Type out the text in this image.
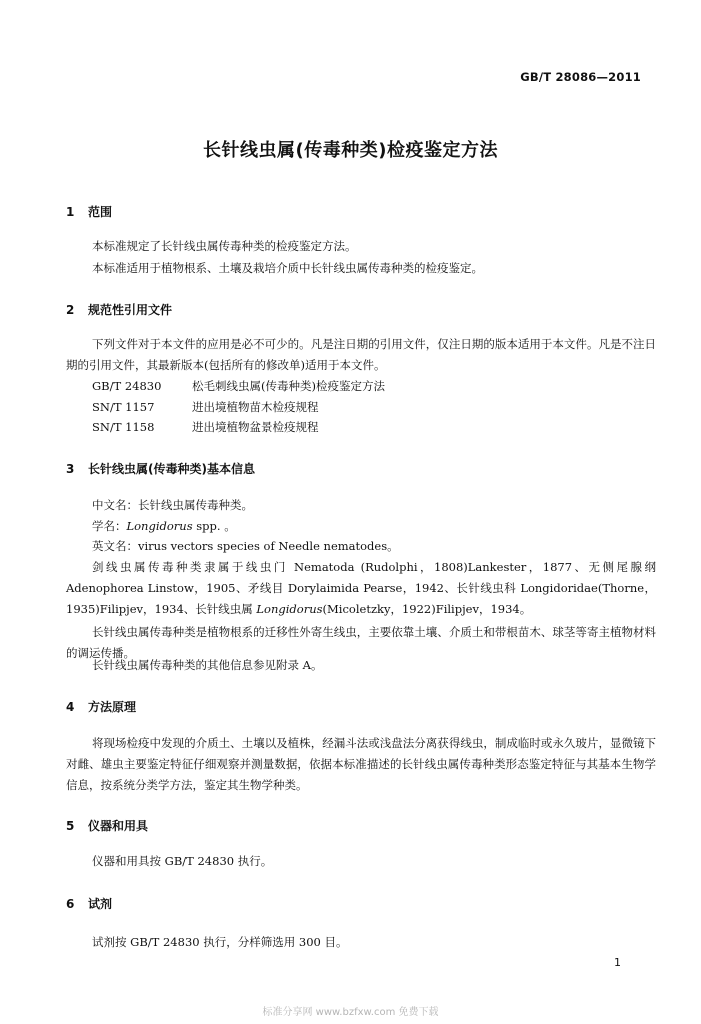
GB/T 28086—2011
长针线虫属(传毒种类)检疫鉴定方法
1 范围
本标准规定了长针线虫属传毒种类的检疫鉴定方法。
本标准适用于植物根系、土壤及栽培介质中长针线虫属传毒种类的检疫鉴定。
2 规范性引用文件
下列文件对于本文件的应用是必不可少的。凡是注日期的引用文件，仅注日期的版本适用于本文件。凡是不注日期的引用文件，其最新版本(包括所有的修改单)适用于本文件。
GB/T 24830	松毛刺线虫属(传毒种类)检疫鉴定方法
SN/T 1157	进出境植物苗木检疫规程
SN/T 1158	进出境植物盆景检疫规程
3 长针线虫属(传毒种类)基本信息
中文名：长针线虫属传毒种类。
学名：Longidorus spp. 。
英文名：virus vectors species of Needle nematodes。
剑线虫属传毒种类隶属于线虫门 Nematoda (Rudolphi，1808)Lankester，1877、无侧尾腺纲 Adenophorea Linstow，1905、矛线目 Dorylaimida Pearse，1942、长针线虫科 Longidoridae(Thorne，1935)Filipjev，1934、长针线虫属 Longidorus(Micoletzky，1922)Filipjev，1934。
长针线虫属传毒种类是植物根系的迁移性外寄生线虫，主要依靠土壤、介质土和带根苗木、球茎等寄主植物材料的调运传播。
长针线虫属传毒种类的其他信息参见附录 A。
4 方法原理
将现场检疫中发现的介质土、土壤以及植株，经漏斗法或浅盘法分离获得线虫，制成临时或永久玻片，显微镜下对雌、雄虫主要鉴定特征仔细观察并测量数据，依据本标准描述的长针线虫属传毒种类形态鉴定特征与其基本生物学信息，按系统分类学方法，鉴定其生物学种类。
5 仪器和用具
仪器和用具按 GB/T 24830 执行。
6 试剂
试剂按 GB/T 24830 执行，分样筛选用 300 目。
1
标准分享网 www.bzfxw.com 免费下载
